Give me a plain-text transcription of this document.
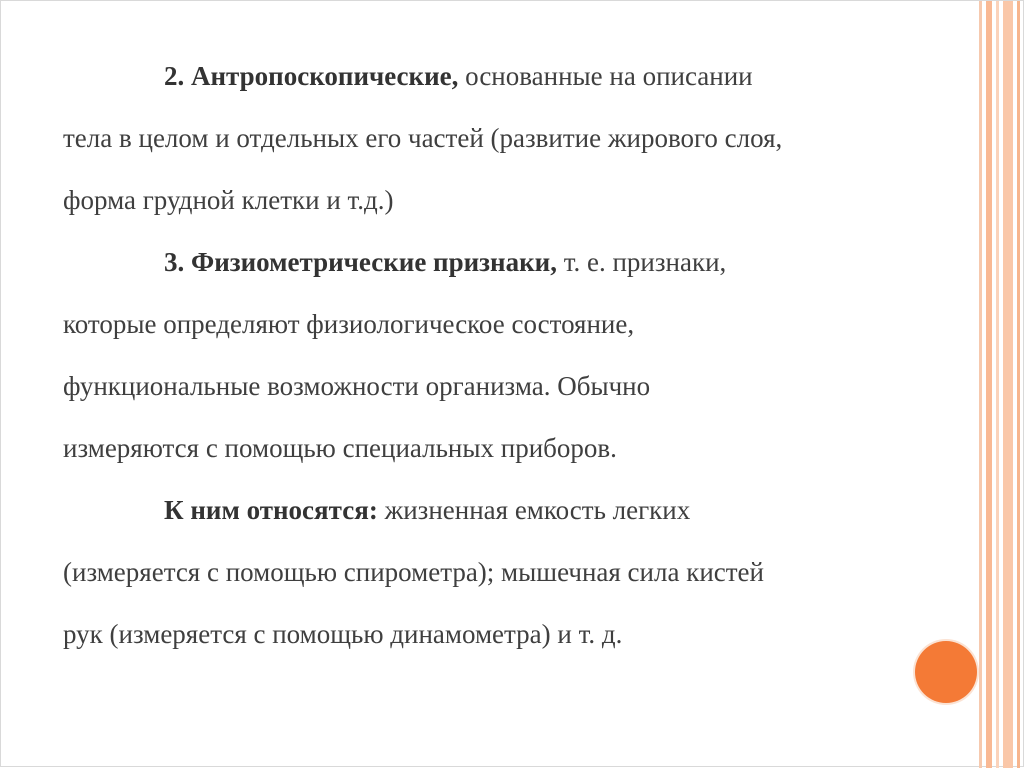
2. Антропоскопические, основанные на описании
тела в целом и отдельных его частей (развитие жирового слоя,
форма грудной клетки и т.д.)
3. Физиометрические признаки, т. е. признаки,
которые определяют физиологическое состояние,
функциональные возможности организма. Обычно
измеряются с помощью специальных приборов.
К ним относятся: жизненная емкость легких
(измеряется с помощью спирометра); мышечная сила кистей
рук (измеряется с помощью динамометра) и т. д.
